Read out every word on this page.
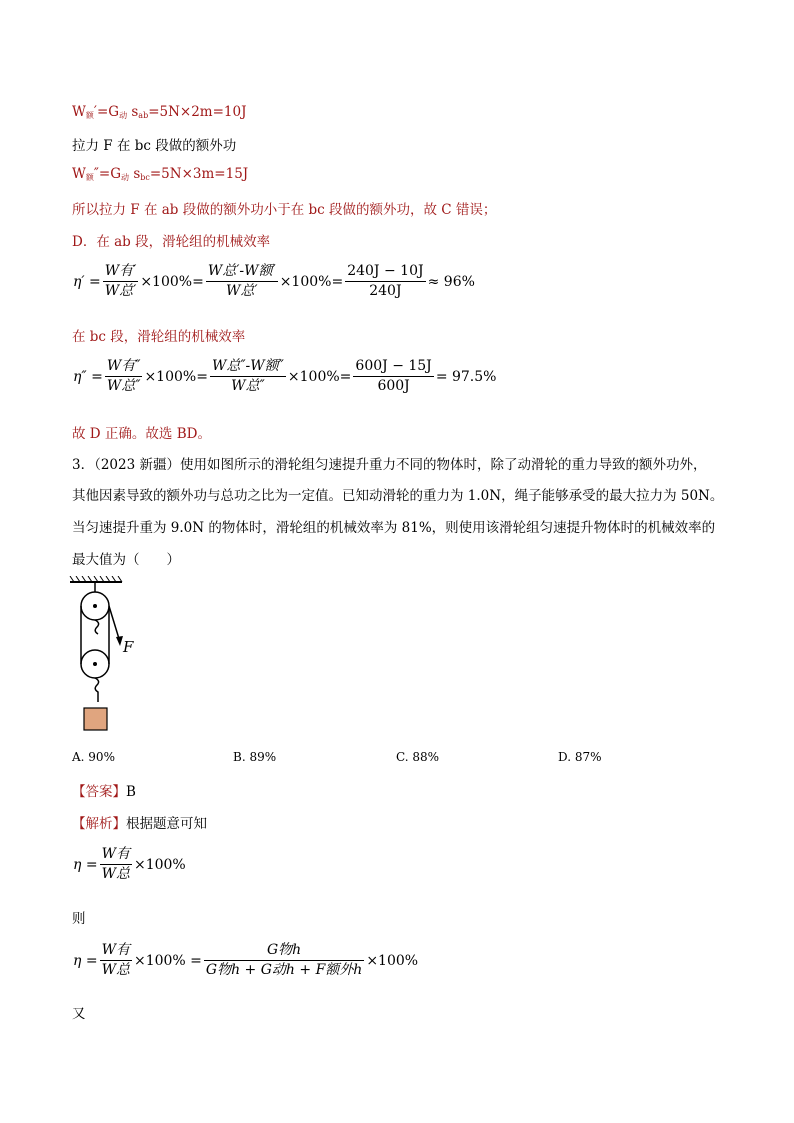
$W_额'=G_动$ $s_{ab}=5N\times 2m=10J$
拉力 F 在 bc 段做的额外功
$W_额''=G_动$ $s_{bc}=5N\times 3m=15J$
所以拉力 F 在 ab 段做的额外功小于在 bc 段做的额外功，故 C 错误；
D．在 ab 段，滑轮组的机械效率
$\eta' = \frac{\text{W有′}}{\text{W总′}} \times 100\%= \frac{\text{W总′-W额′}}{\text{W总′}} \times 100\%= \frac{240J - 10J}{240J} \approx 96\%$
在 bc 段，滑轮组的机械效率
$\eta'' = \frac{\text{W有″}}{\text{W总″}} \times 100\%= \frac{\text{W总″-W额″}}{\text{W总″}} \times 100\%= \frac{600J - 15J}{600J} = 97.5\%$
故 D 正确。故选 BD。
3．（2023 新疆）使用如图所示的滑轮组匀速提升重力不同的物体时，除了动滑轮的重力导致的额外功外，
其他因素导致的额外功与总功之比为一定值。已知动滑轮的重力为 1.0N，绳子能够承受的最大拉力为 50N。
当匀速提升重为 9.0N 的物体时，滑轮组的机械效率为 81%，则使用该滑轮组匀速提升物体时的机械效率的
最大值为（　　）
F
A. 90%	B. 89%	C. 88%	D. 87%
【答案】B
【解析】根据题意可知
$\eta = \frac{\text{W有}}{\text{W总}} \times 100\%$
则
$\eta = \frac{\text{W有}}{\text{W总}} \times 100\% = \frac{\text{G物h}}{\text{G物h + G动h + F额外h}} \times 100\%$
又
